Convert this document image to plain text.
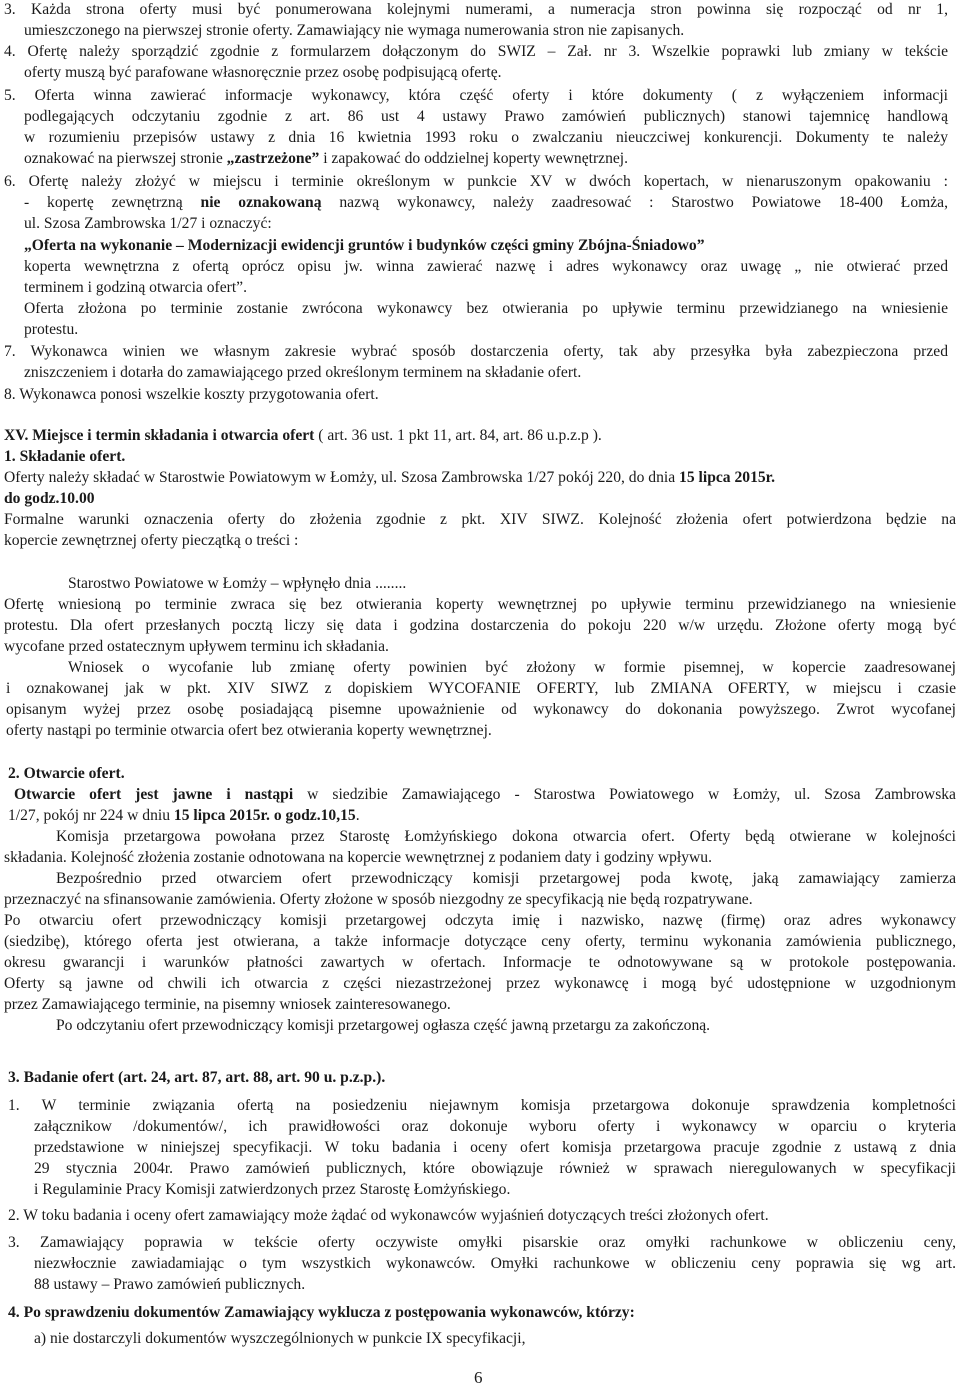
3. Każda strona oferty musi być ponumerowana kolejnymi numerami, a numeracja stron powinna się rozpocząć od nr 1,

umieszczonego na pierwszej stronie oferty. Zamawiający nie wymaga numerowania stron nie zapisanych.

4. Ofertę należy sporządzić zgodnie z formularzem dołączonym do SWIZ – Zał. nr 3. Wszelkie poprawki lub zmiany w tekście

oferty muszą być parafowane własnoręcznie przez osobę podpisującą ofertę.

5. Oferta winna zawierać informacje wykonawcy, która część oferty i które dokumenty ( z wyłączeniem informacji

podlegających odczytaniu zgodnie z art. 86 ust 4 ustawy Prawo zamówień publicznych) stanowi tajemnicę handlową

w rozumieniu przepisów ustawy z dnia 16 kwietnia 1993 roku o zwalczaniu nieuczciwej konkurencji. Dokumenty te należy

oznakować na pierwszej stronie „zastrzeżone” i zapakować do oddzielnej koperty wewnętrznej.

6. Ofertę należy złożyć w miejscu i terminie określonym w punkcie XV w dwóch kopertach, w nienaruszonym opakowaniu :

- kopertę zewnętrzną nie oznakowaną nazwą wykonawcy, należy zaadresować : Starostwo Powiatowe 18-400 Łomża,

ul. Szosa Zambrowska 1/27 i oznaczyć:

„Oferta na wykonanie – Modernizacji ewidencji gruntów i budynków części gminy Zbójna-Śniadowo”

koperta wewnętrzna z ofertą oprócz opisu jw. winna zawierać nazwę i adres wykonawcy oraz uwagę „ nie otwierać przed

terminem i godziną otwarcia ofert”.

Oferta złożona po terminie zostanie zwrócona wykonawcy bez otwierania po upływie terminu przewidzianego na wniesienie

protestu.

7. Wykonawca winien we własnym zakresie wybrać sposób dostarczenia oferty, tak aby przesyłka była zabezpieczona przed

zniszczeniem i dotarła do zamawiającego przed określonym terminem na składanie ofert.

8. Wykonawca ponosi wszelkie koszty przygotowania ofert.

XV. Miejsce i termin składania i otwarcia ofert ( art. 36 ust. 1 pkt 11, art. 84, art. 86 u.p.z.p ).

1. Składanie ofert.

Oferty należy składać w Starostwie Powiatowym w Łomży, ul. Szosa Zambrowska 1/27 pokój 220, do dnia 15 lipca 2015r.

do godz.10.00

Formalne warunki oznaczenia oferty do złożenia zgodnie z pkt. XIV SIWZ. Kolejność złożenia ofert potwierdzona będzie na

kopercie zewnętrznej oferty pieczątką o treści :

Starostwo Powiatowe w Łomży – wpłynęło dnia ........

Ofertę wniesioną po terminie zwraca się bez otwierania koperty wewnętrznej po upływie terminu przewidzianego na wniesienie

protestu. Dla ofert przesłanych pocztą liczy się data i godzina dostarczenia do pokoju 220 w/w urzędu. Złożone oferty mogą być

wycofane przed ostatecznym upływem terminu ich składania.

Wniosek o wycofanie lub zmianę oferty powinien być złożony w formie pisemnej, w kopercie zaadresowanej

i oznakowanej jak w pkt. XIV SIWZ z dopiskiem WYCOFANIE OFERTY, lub ZMIANA OFERTY, w miejscu i czasie

opisanym wyżej przez osobę posiadającą pisemne upoważnienie od wykonawcy do dokonania powyższego. Zwrot wycofanej

oferty nastąpi po terminie otwarcia ofert bez otwierania koperty wewnętrznej.

2. Otwarcie ofert.

Otwarcie ofert jest jawne i nastąpi w siedzibie Zamawiającego - Starostwa Powiatowego w Łomży, ul. Szosa Zambrowska

1/27, pokój nr 224 w dniu 15 lipca 2015r. o godz.10,15.

Komisja przetargowa powołana przez Starostę Łomżyńskiego dokona otwarcia ofert. Oferty będą otwierane w kolejności

składania. Kolejność złożenia zostanie odnotowana na kopercie wewnętrznej z podaniem daty i godziny wpływu.

Bezpośrednio przed otwarciem ofert przewodniczący komisji przetargowej poda kwotę, jaką zamawiający zamierza

przeznaczyć na sfinansowanie zamówienia. Oferty złożone w sposób niezgodny ze specyfikacją nie będą rozpatrywane.

Po otwarciu ofert przewodniczący komisji przetargowej odczyta imię i nazwisko, nazwę (firmę) oraz adres wykonawcy

(siedzibę), którego oferta jest otwierana, a także informacje dotyczące ceny oferty, terminu wykonania zamówienia publicznego,

okresu gwarancji i warunków płatności zawartych w ofertach. Informacje te odnotowywane są w protokole postępowania.

Oferty są jawne od chwili ich otwarcia z części niezastrzeżonej przez wykonawcę i mogą być udostępnione w uzgodnionym

przez Zamawiającego terminie, na pisemny wniosek zainteresowanego.

Po odczytaniu ofert przewodniczący komisji przetargowej ogłasza część jawną przetargu za zakończoną.

3. Badanie ofert (art. 24, art. 87, art. 88, art. 90 u. p.z.p.).

1. W terminie związania ofertą na posiedzeniu niejawnym komisja przetargowa dokonuje sprawdzenia kompletności

załącznikow /dokumentów/, ich prawidłowości oraz dokonuje wyboru oferty i wykonawcy w oparciu o kryteria

przedstawione w niniejszej specyfikacji. W toku badania i oceny ofert komisja przetargowa pracuje zgodnie z ustawą z dnia

29 stycznia 2004r. Prawo zamówień publicznych, które obowiązuje również w sprawach nieregulowanych w specyfikacji

i Regulaminie Pracy Komisji zatwierdzonych przez Starostę Łomżyńskiego.

2. W toku badania i oceny ofert zamawiający może żądać od wykonawców wyjaśnień dotyczących treści złożonych ofert.

3. Zamawiający poprawia w tekście oferty oczywiste omyłki pisarskie oraz omyłki rachunkowe w obliczeniu ceny,

niezwłocznie zawiadamiając o tym wszystkich wykonawców. Omyłki rachunkowe w obliczeniu ceny poprawia się wg art.

88 ustawy – Prawo zamówień publicznych.

4. Po sprawdzeniu dokumentów Zamawiający wyklucza z postępowania wykonawców, którzy:

a) nie dostarczyli dokumentów wyszczególnionych w punkcie IX specyfikacji,

6
